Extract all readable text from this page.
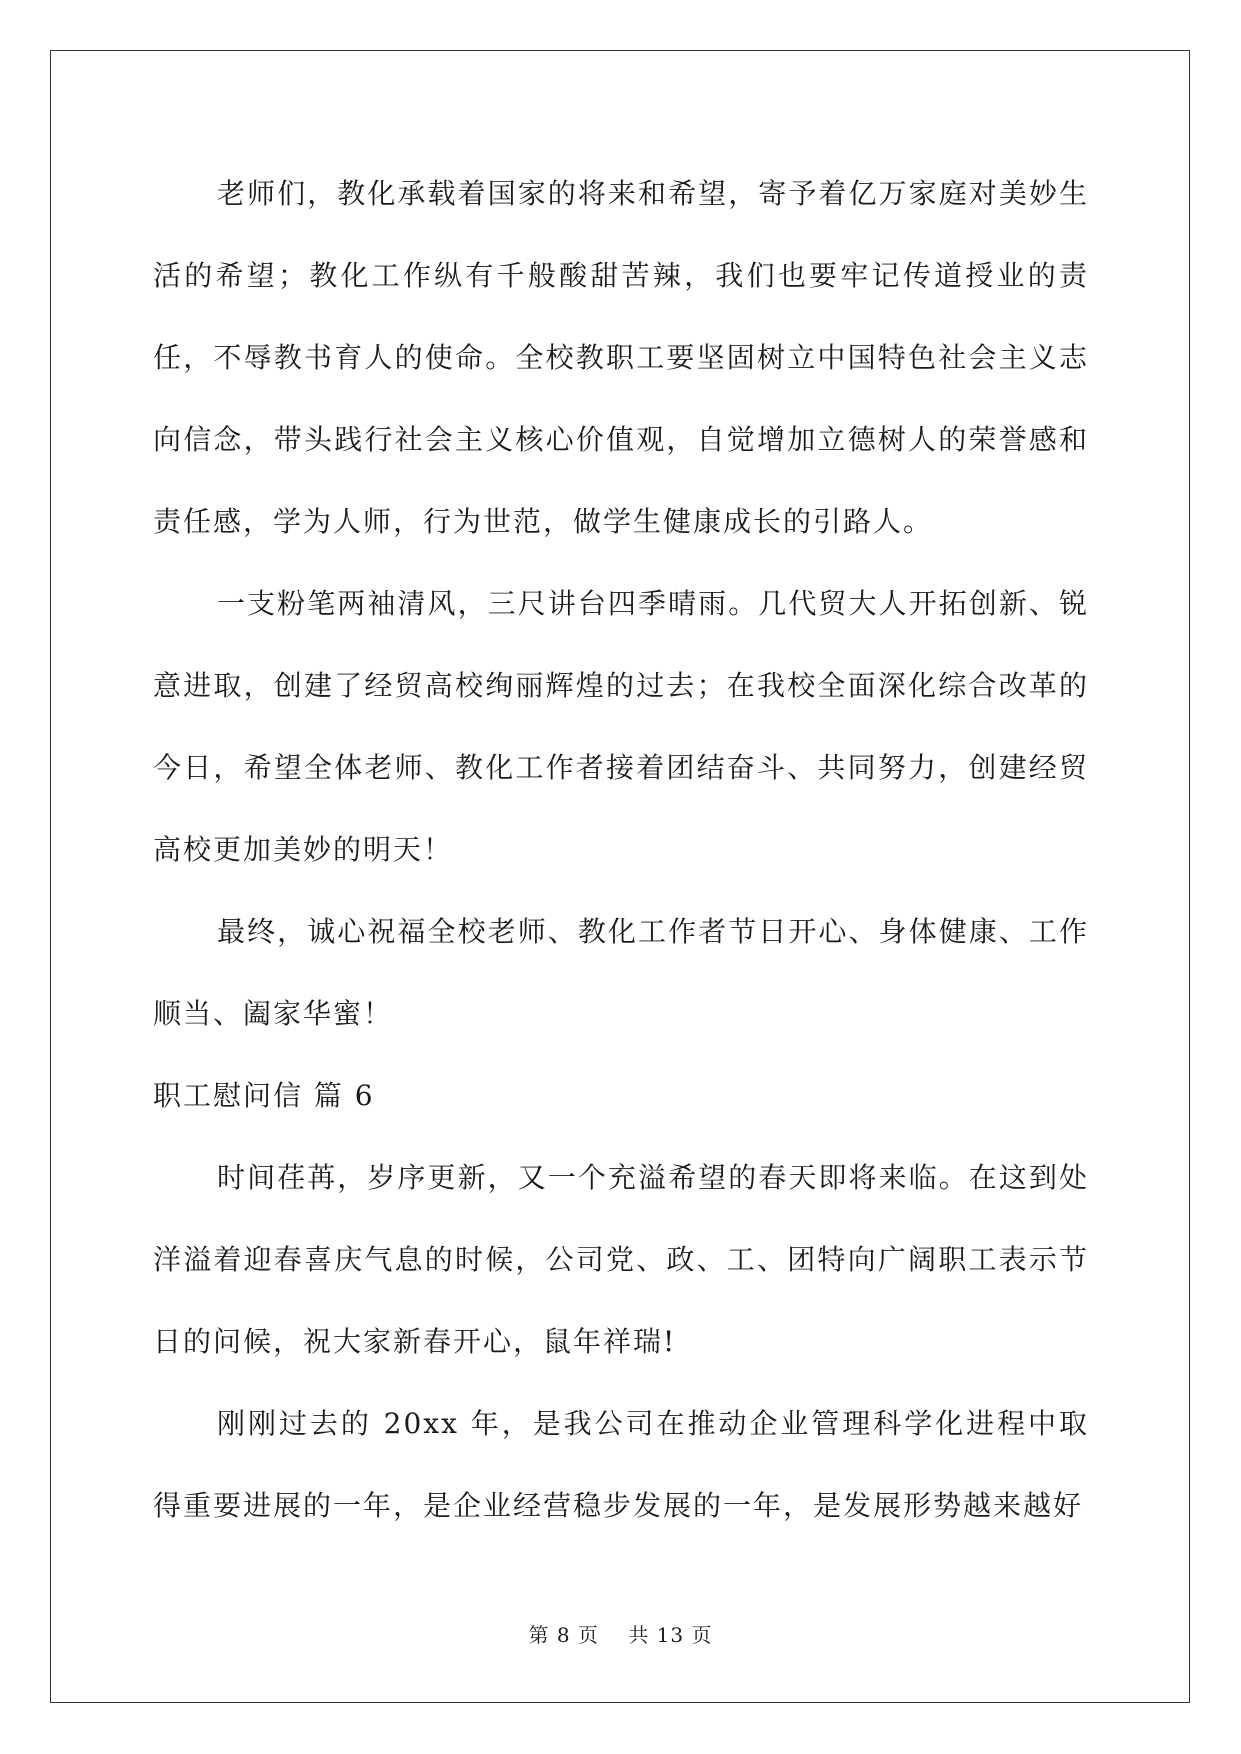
老师们，教化承载着国家的将来和希望，寄予着亿万家庭对美妙生活的希望；教化工作纵有千般酸甜苦辣，我们也要牢记传道授业的责任，不辱教书育人的使命。全校教职工要坚固树立中国特色社会主义志向信念，带头践行社会主义核心价值观，自觉增加立德树人的荣誉感和责任感，学为人师，行为世范，做学生健康成长的引路人。

一支粉笔两袖清风，三尺讲台四季晴雨。几代贸大人开拓创新、锐意进取，创建了经贸高校绚丽辉煌的过去；在我校全面深化综合改革的今日，希望全体老师、教化工作者接着团结奋斗、共同努力，创建经贸高校更加美妙的明天！

最终，诚心祝福全校老师、教化工作者节日开心、身体健康、工作顺当、阖家华蜜！

职工慰问信 篇 6

时间荏苒，岁序更新，又一个充溢希望的春天即将来临。在这到处洋溢着迎春喜庆气息的时候，公司党、政、工、团特向广阔职工表示节日的问候，祝大家新春开心，鼠年祥瑞!

刚刚过去的 20xx 年，是我公司在推动企业管理科学化进程中取得重要进展的一年，是企业经营稳步发展的一年，是发展形势越来越好

第 8 页 共 13 页
